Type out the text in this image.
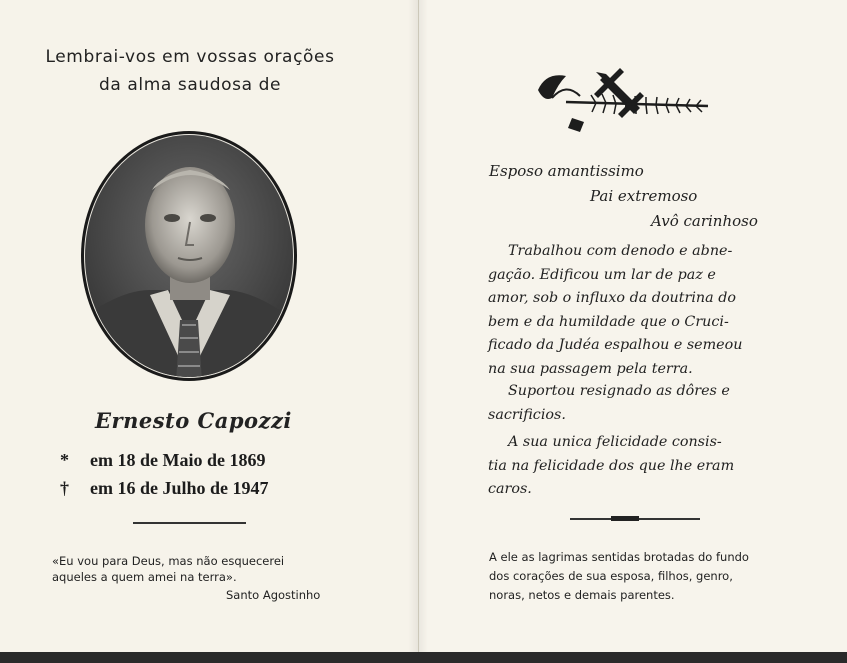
Lembrai-vos em vossas orações
da alma saudosa de
Ernesto Capozzi
* em 18 de Maio de 1869
† em 16 de Julho de 1947
«Eu vou para Deus, mas não esquecerei
aqueles a quem amei na terra».
Santo Agostinho
Esposo amantissimo
Pai extremoso
Avô carinhoso
Trabalhou com denodo e abne-
gação. Edificou um lar de paz e
amor, sob o influxo da doutrina do
bem e da humildade que o Cruci-
ficado da Judéa espalhou e semeou
na sua passagem pela terra.
Suportou resignado as dôres e
sacrificios.
A sua unica felicidade consis-
tia na felicidade dos que lhe eram
caros.
A ele as lagrimas sentidas brotadas do fundo
dos corações de sua esposa, filhos, genro,
noras, netos e demais parentes.
